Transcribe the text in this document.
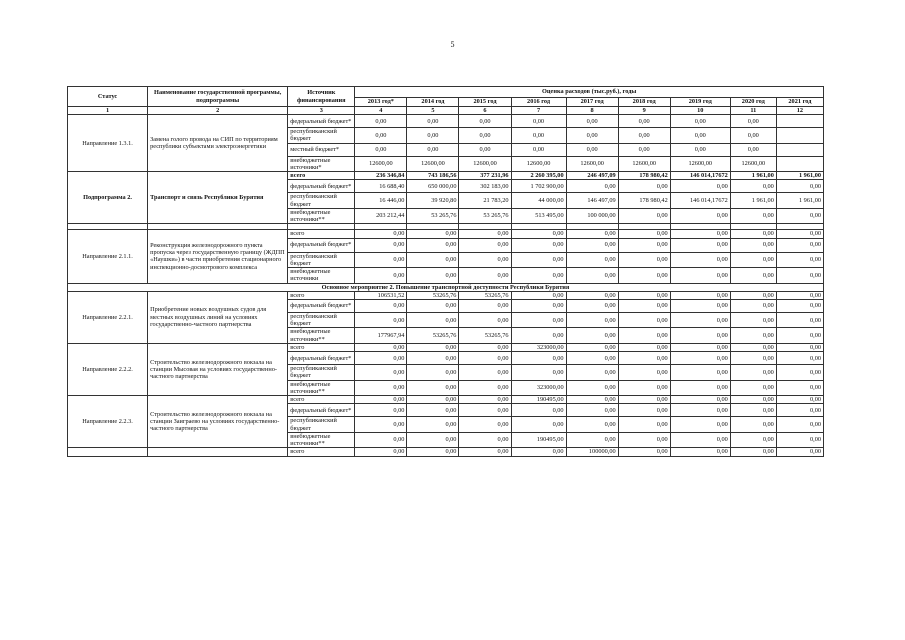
5
Статус	Наименование государственной программы, подпрограммы	Источник финансирования	Оценка расходов (тыс.руб.), годы								
			2013 год*	2014 год	2015 год	2016 год	2017 год	2018 год	2019 год	2020 год	2021 год
1	2	3	4	5	6	7	8	9	10	11	12
Направление 1.3.1.	Замена голого провода на СИП по территориям республики субъектами электроэнергетики	федеральный бюджет*	0,00	0,00	0,00	0,00	0,00	0,00	0,00	0,00	
		республиканский бюджет	0,00	0,00	0,00	0,00	0,00	0,00	0,00	0,00	
		местный бюджет*	0,00	0,00	0,00	0,00	0,00	0,00	0,00	0,00	
		внебюджетные источники*	12600,00	12600,00	12600,00	12600,00	12600,00	12600,00	12600,00	12600,00	
Подпрограмма 2.	Транспорт и связь Республики Бурятия	всего	236 346,84	743 186,56	377 231,96	2 260 395,00	246 497,09	178 980,42	146 014,17672	1 961,00	1 961,00
		федеральный бюджет*	16 688,40	650 000,00	302 183,00	1 702 900,00	0,00	0,00	0,00	0,00	0,00
		республиканский бюджет	16 446,00	39 920,80	21 783,20	44 000,00	146 497,09	178 980,42	146 014,17672	1 961,00	1 961,00
		внебюджетные источники**	203 212,44	53 265,76	53 265,76	513 495,00	100 000,00	0,00	0,00	0,00	0,00

Направление 2.1.1.	Реконструкция железнодорожного пункта пропуска через государственную границу (ЖДПП «Наушки») в части приобретения стационарного инспекционно-досмотрового комплекса	всего	0,00	0,00	0,00	0,00	0,00	0,00	0,00	0,00	0,00
		федеральный бюджет*	0,00	0,00	0,00	0,00	0,00	0,00	0,00	0,00	0,00
		республиканский бюджет	0,00	0,00	0,00	0,00	0,00	0,00	0,00	0,00	0,00
		внебюджетные источники	0,00	0,00	0,00	0,00	0,00	0,00	0,00	0,00	0,00
Основное мероприятие 2. Повышение транспортной доступности Республики Бурятия											
Направление 2.2.1.	Приобретение новых воздушных судов для местных воздушных линий на условиях государственно-частного партнерства	всего	106531,52	53265,76	53265,76	0,00	0,00	0,00	0,00	0,00	0,00
		федеральный бюджет*	0,00	0,00	0,00	0,00	0,00	0,00	0,00	0,00	0,00
		республиканский бюджет	0,00	0,00	0,00	0,00	0,00	0,00	0,00	0,00	0,00
		внебюджетные источники**	177967,94	53265,76	53265,76	0,00	0,00	0,00	0,00	0,00	0,00
Направление 2.2.2.	Строительство железнодорожного вокзала на станции Мысовая на условиях государственно-частного партнерства	всего	0,00	0,00	0,00	323000,00	0,00	0,00	0,00	0,00	0,00
		федеральный бюджет*	0,00	0,00	0,00	0,00	0,00	0,00	0,00	0,00	0,00
		республиканский бюджет	0,00	0,00	0,00	0,00	0,00	0,00	0,00	0,00	0,00
		внебюджетные источники**	0,00	0,00	0,00	323000,00	0,00	0,00	0,00	0,00	0,00
Направление 2.2.3.	Строительство железнодорожного вокзала на станции Заиграево на условиях государственно-частного партнерства	всего	0,00	0,00	0,00	190495,00	0,00	0,00	0,00	0,00	0,00
		федеральный бюджет*	0,00	0,00	0,00	0,00	0,00	0,00	0,00	0,00	0,00
		республиканский бюджет	0,00	0,00	0,00	0,00	0,00	0,00	0,00	0,00	0,00
		внебюджетные источники**	0,00	0,00	0,00	190495,00	0,00	0,00	0,00	0,00	0,00
		всего	0,00	0,00	0,00	0,00	100000,00	0,00	0,00	0,00	0,00
